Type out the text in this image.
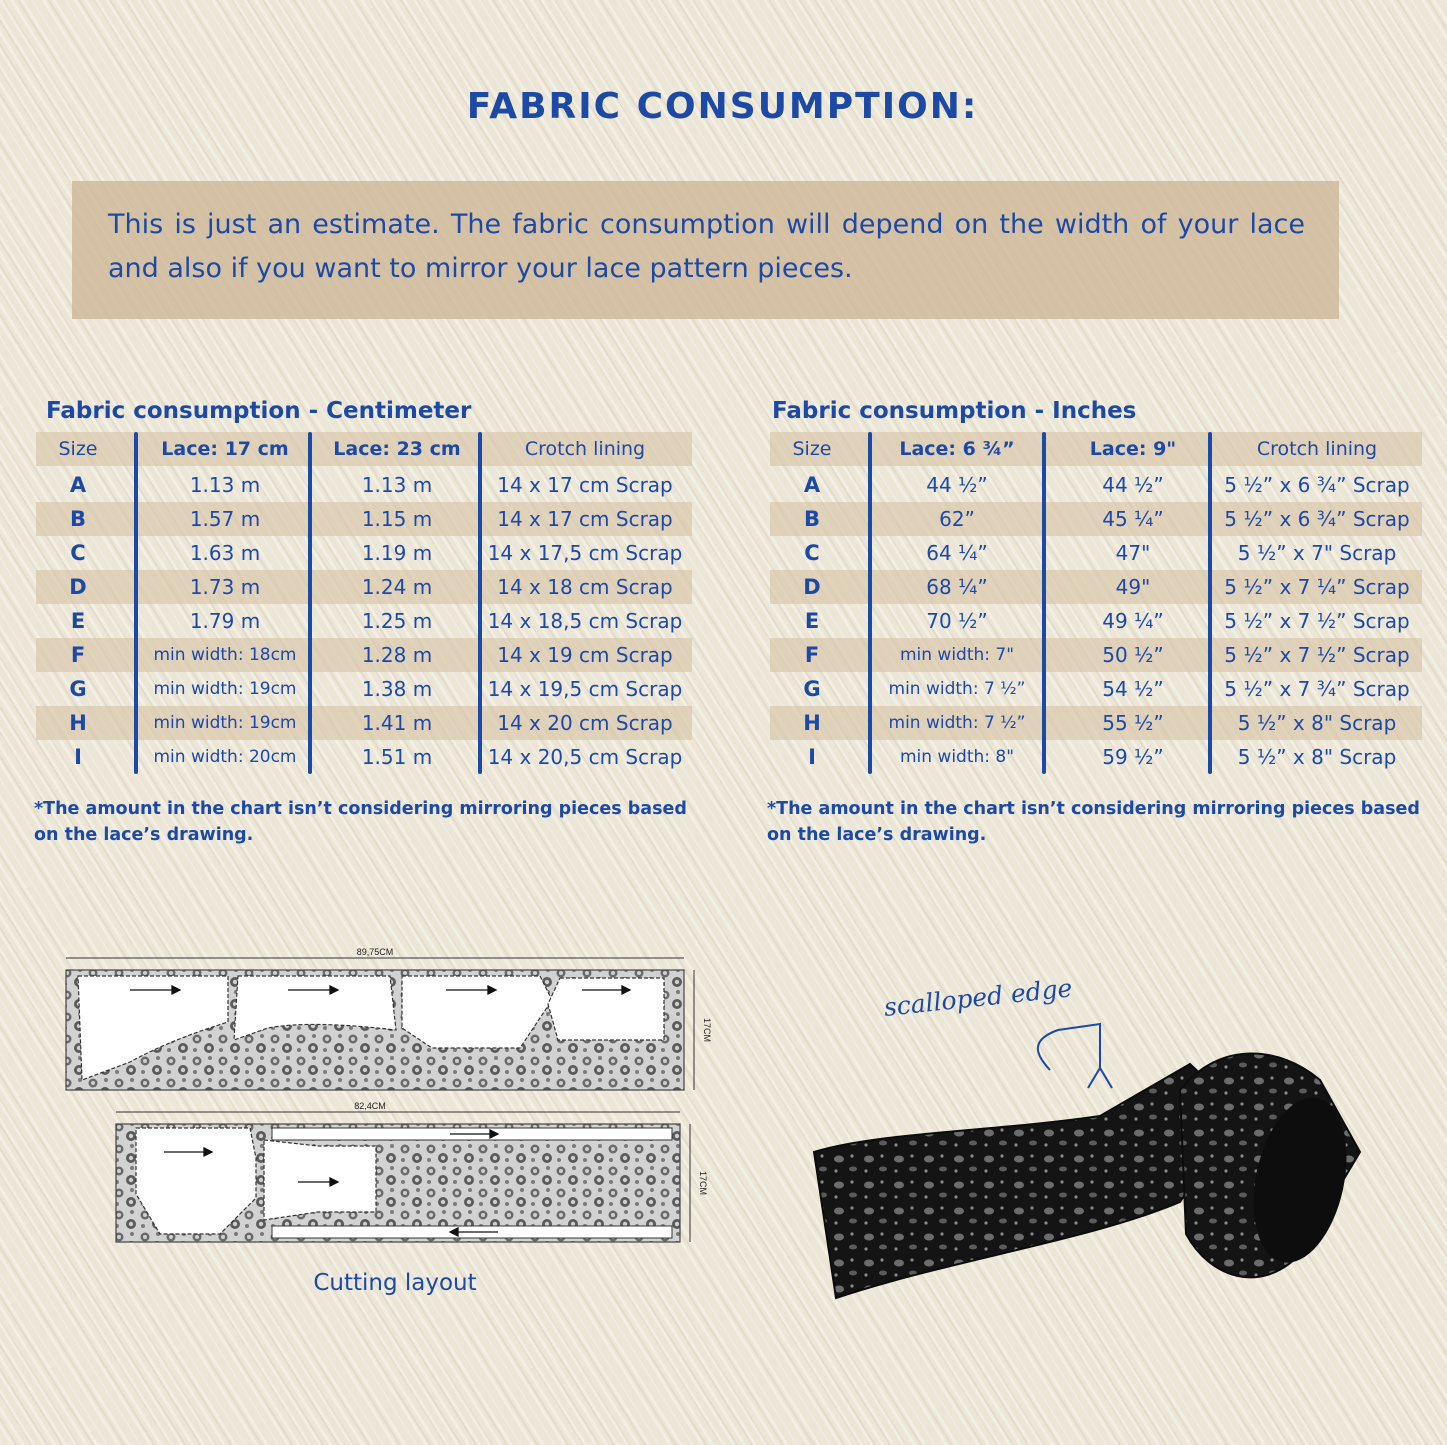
FABRIC CONSUMPTION:

This is just an estimate. The fabric consumption will depend on the width of your lace and also if you want to mirror your lace pattern pieces.

Fabric consumption - Centimeter
Size	Lace: 17 cm	Lace: 23 cm	Crotch lining
A	1.13 m	1.13 m	14 x 17 cm Scrap
B	1.57 m	1.15 m	14 x 17 cm Scrap
C	1.63 m	1.19 m	14 x 17,5 cm Scrap
D	1.73 m	1.24 m	14 x 18 cm Scrap
E	1.79 m	1.25 m	14 x 18,5 cm Scrap
F	min width: 18cm	1.28 m	14 x 19 cm Scrap
G	min width: 19cm	1.38 m	14 x 19,5 cm Scrap
H	min width: 19cm	1.41 m	14 x 20 cm Scrap
I	min width: 20cm	1.51 m	14 x 20,5 cm Scrap
*The amount in the chart isn’t considering mirroring pieces based on the lace’s drawing.
Fabric consumption - Inches
Size	Lace: 6 ¾”	Lace: 9"	Crotch lining
A	44 ½”	44 ½”	5 ½” x 6 ¾” Scrap
B	62”	45 ¼”	5 ½” x 6 ¾” Scrap
C	64 ¼”	47"	5 ½” x 7" Scrap
D	68 ¼”	49"	5 ½” x 7 ¼” Scrap
E	70 ½”	49 ¼”	5 ½” x 7 ½” Scrap
F	min width: 7"	50 ½”	5 ½” x 7 ½” Scrap
G	min width: 7 ½”	54 ½”	5 ½” x 7 ¾” Scrap
H	min width: 7 ½”	55 ½”	5 ½” x 8" Scrap
I	min width: 8"	59 ½”	5 ½” x 8" Scrap
*The amount in the chart isn’t considering mirroring pieces based on the lace’s drawing.
89,75CM
17CM
82,4CM
17CM
Cutting layout
scalloped edge
